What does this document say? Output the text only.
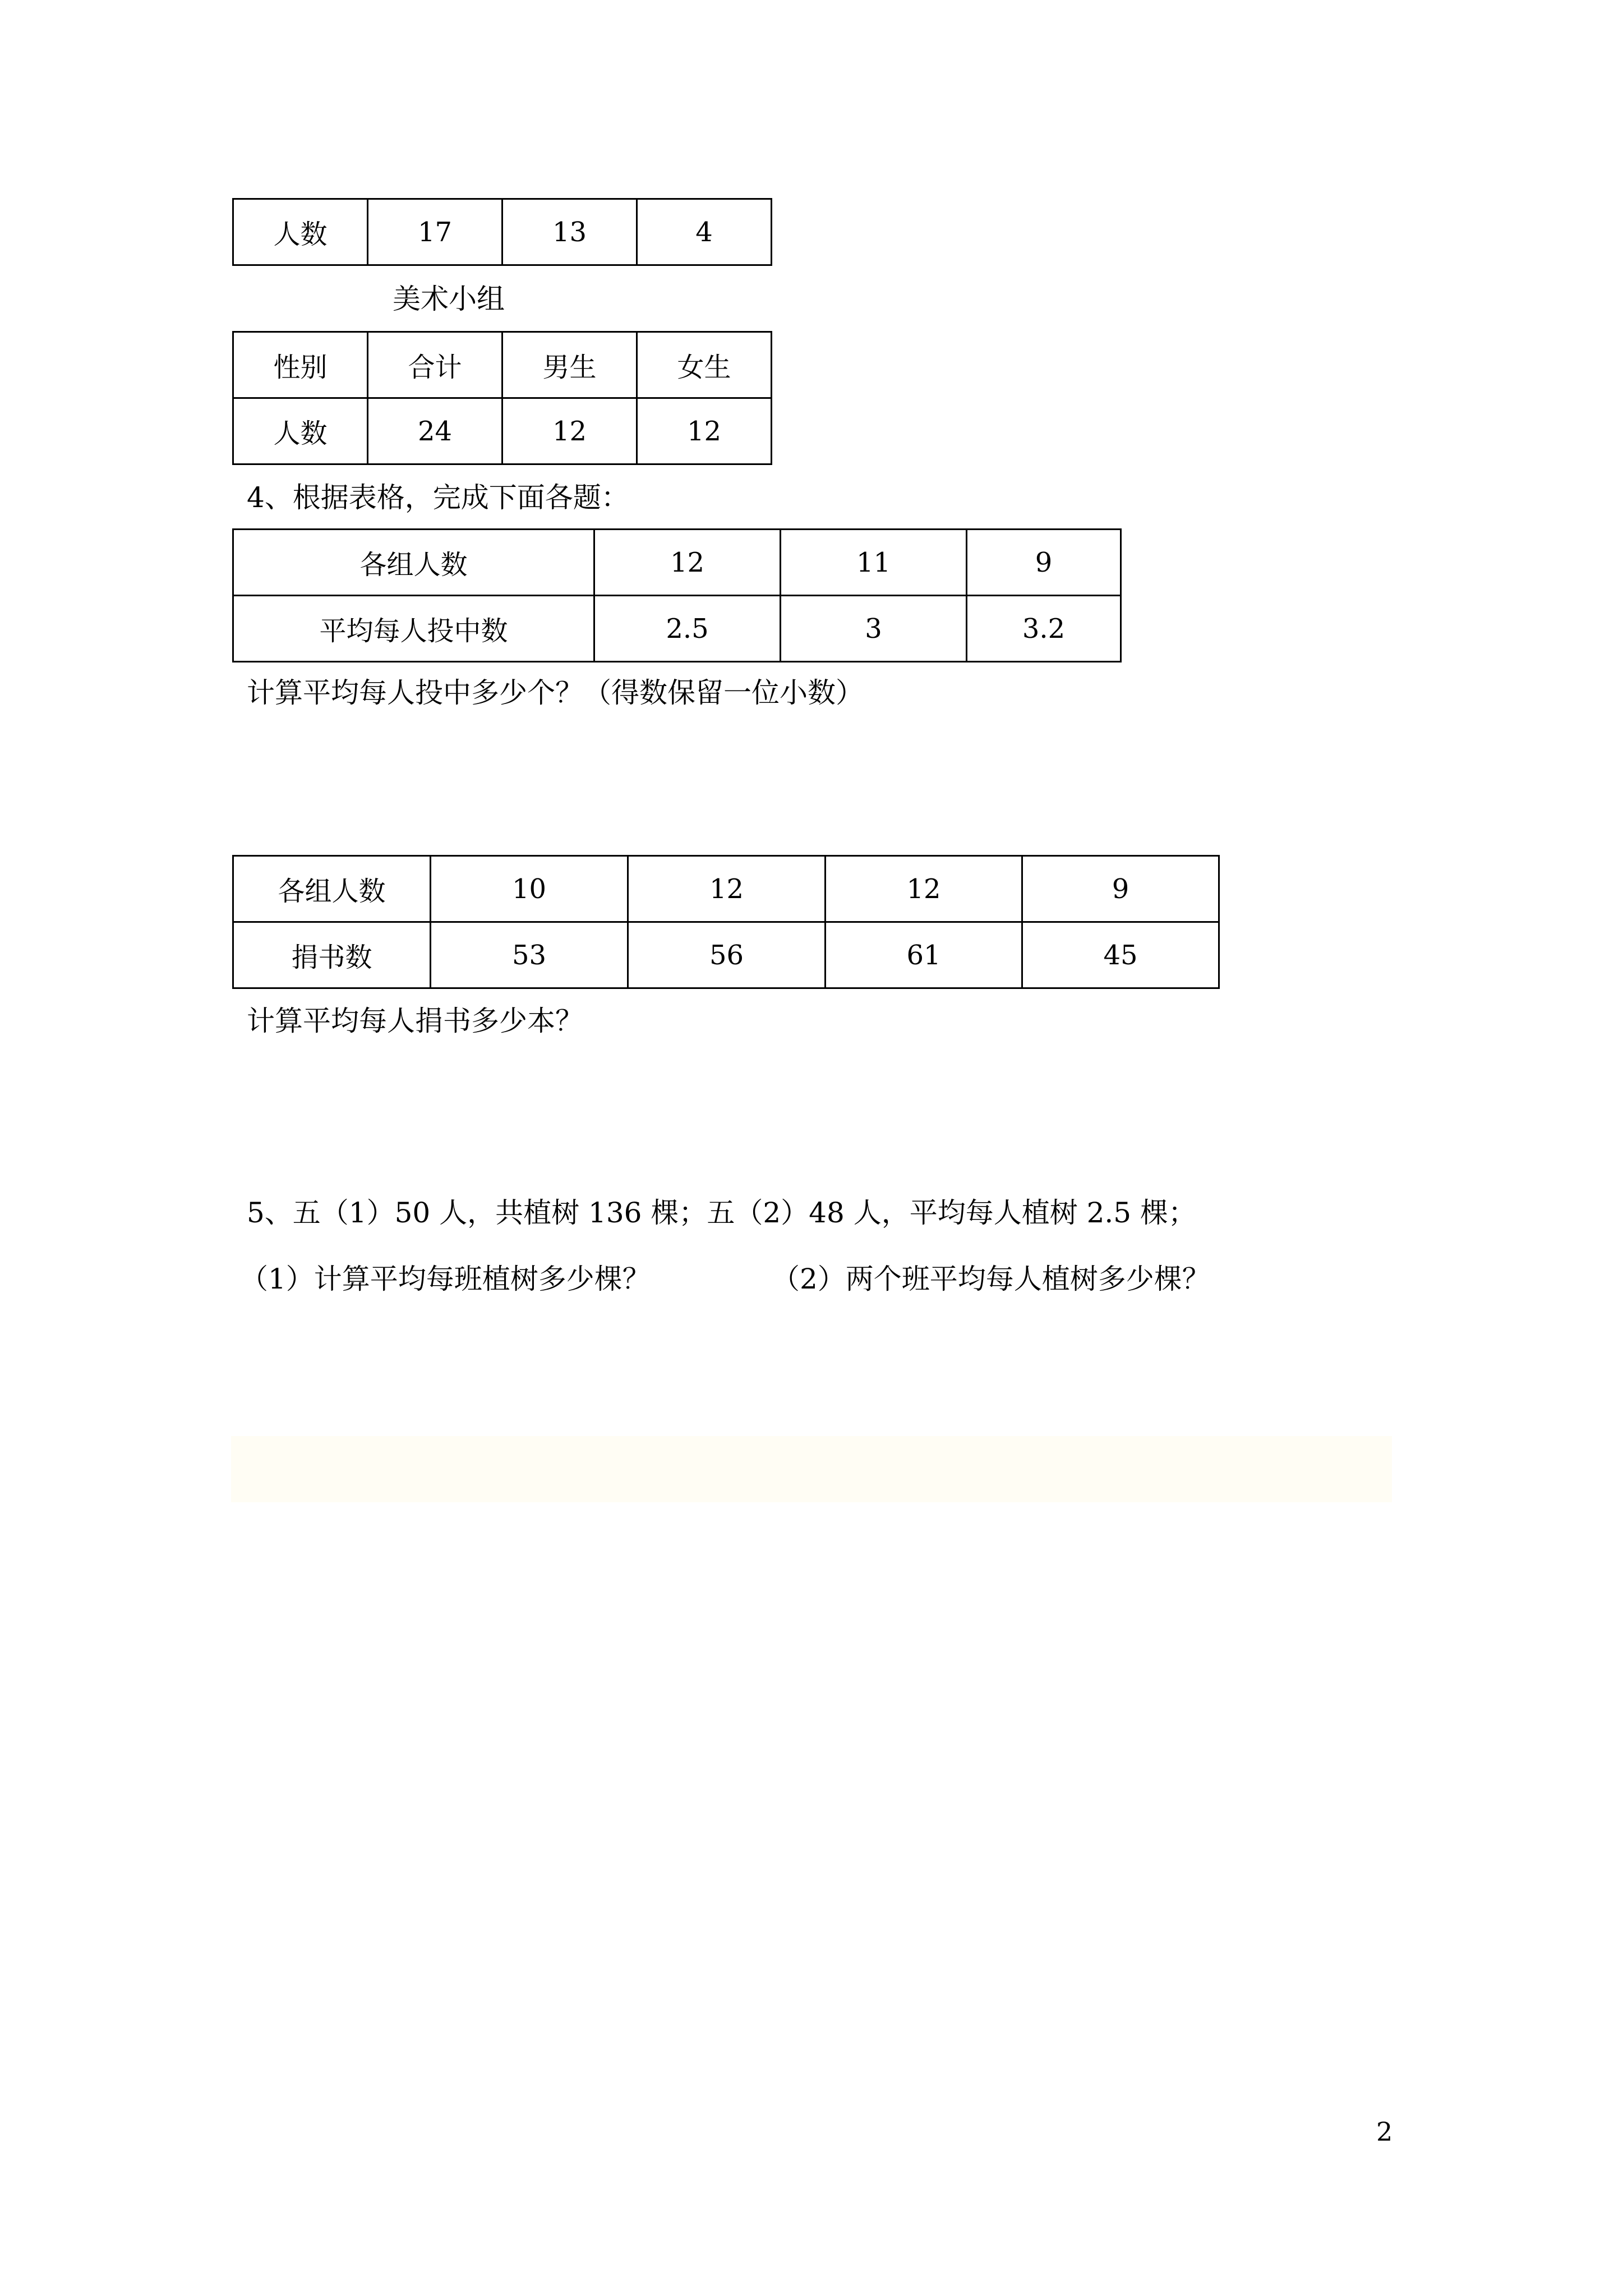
人数	17	13	4
美术小组
性别	合计	男生	女生
人数	24	12	12
4、根据表格，完成下面各题：
各组人数	12	11	9
平均每人投中数	2.5	3	3.2
计算平均每人投中多少个？（得数保留一位小数）
各组人数	10	12	12	9
捐书数	53	56	61	45
计算平均每人捐书多少本？
5、五（1）50 人，共植树 136 棵；五（2）48 人，平均每人植树 2.5 棵；
（1）计算平均每班植树多少棵？	（2）两个班平均每人植树多少棵？
2
